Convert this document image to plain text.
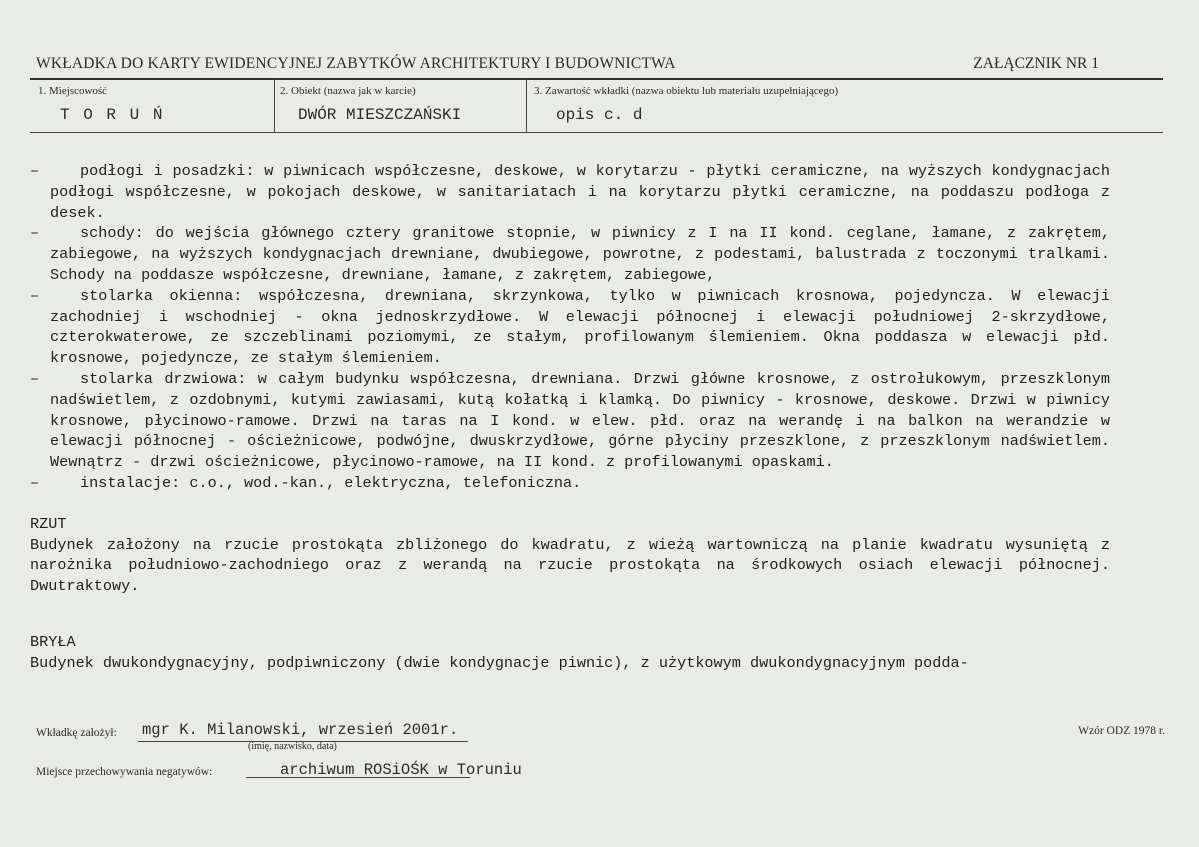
WKŁADKA DO KARTY EWIDENCYJNEJ ZABYTKÓW ARCHITEKTURY I BUDOWNICTWA	ZAŁĄCZNIK NR 1
1. Miejscowość
T O R U Ń
2. Obiekt (nazwa jak w karcie)
DWÓR MIESZCZAŃSKI
3. Zawartość wkładki (nazwa obiektu lub materiału uzupełniającego)
opis c. d
–	podłogi i posadzki: w piwnicach współczesne, deskowe, w korytarzu - płytki ceramiczne, na wyższych kondygnacjach podłogi współczesne, w pokojach deskowe, w sanitariatach i na korytarzu płytki ceramiczne, na poddaszu podłoga z desek.
–	schody: do wejścia głównego cztery granitowe stopnie, w piwnicy z I na II kond. ceglane, łamane, z zakrętem, zabiegowe, na wyższych kondygnacjach drewniane, dwubiegowe, powrotne, z podestami, balustrada z toczonymi tralkami. Schody na poddasze współczesne, drewniane, łamane, z zakrętem, zabiegowe,
–	stolarka okienna: współczesna, drewniana, skrzynkowa, tylko w piwnicach krosnowa, pojedyncza. W elewacji zachodniej i wschodniej - okna jednoskrzydłowe. W elewacji północnej i elewacji południowej 2-skrzydłowe, czterokwaterowe, ze szczeblinami poziomymi, ze stałym, profilowanym ślemieniem. Okna poddasza w elewacji płd. krosnowe, pojedyncze, ze stałym ślemieniem.
–	stolarka drzwiowa: w całym budynku współczesna, drewniana. Drzwi główne krosnowe, z ostrołukowym, przeszklonym nadświetlem, z ozdobnymi, kutymi zawiasami, kutą kołatką i klamką. Do piwnicy - krosnowe, deskowe. Drzwi w piwnicy krosnowe, płycinowo-ramowe. Drzwi na taras na I kond. w elew. płd. oraz na werandę i na balkon na werandzie w elewacji północnej - ościeżnicowe, podwójne, dwuskrzydłowe, górne płyciny przeszklone, z przeszklonym nadświetlem. Wewnątrz - drzwi ościeżnicowe, płycinowo-ramowe, na II kond. z profilowanymi opaskami.
–	instalacje: c.o., wod.-kan., elektryczna, telefoniczna.
RZUT
Budynek założony na rzucie prostokąta zbliżonego do kwadratu, z wieżą wartowniczą na planie kwadratu wysuniętą z narożnika południowo-zachodniego oraz z werandą na rzucie prostokąta na środkowych osiach elewacji północnej. Dwutraktowy.
BRYŁA
Budynek dwukondygnacyjny, podpiwniczony (dwie kondygnacje piwnic), z użytkowym dwukondygnacyjnym podda-
Wkładkę założył: mgr K. Milanowski, wrzesień 2001r.
(imię, nazwisko, data)
Miejsce przechowywania negatywów:	archiwum ROSiOŚK w Toruniu
Wzór ODZ 1978 r.
